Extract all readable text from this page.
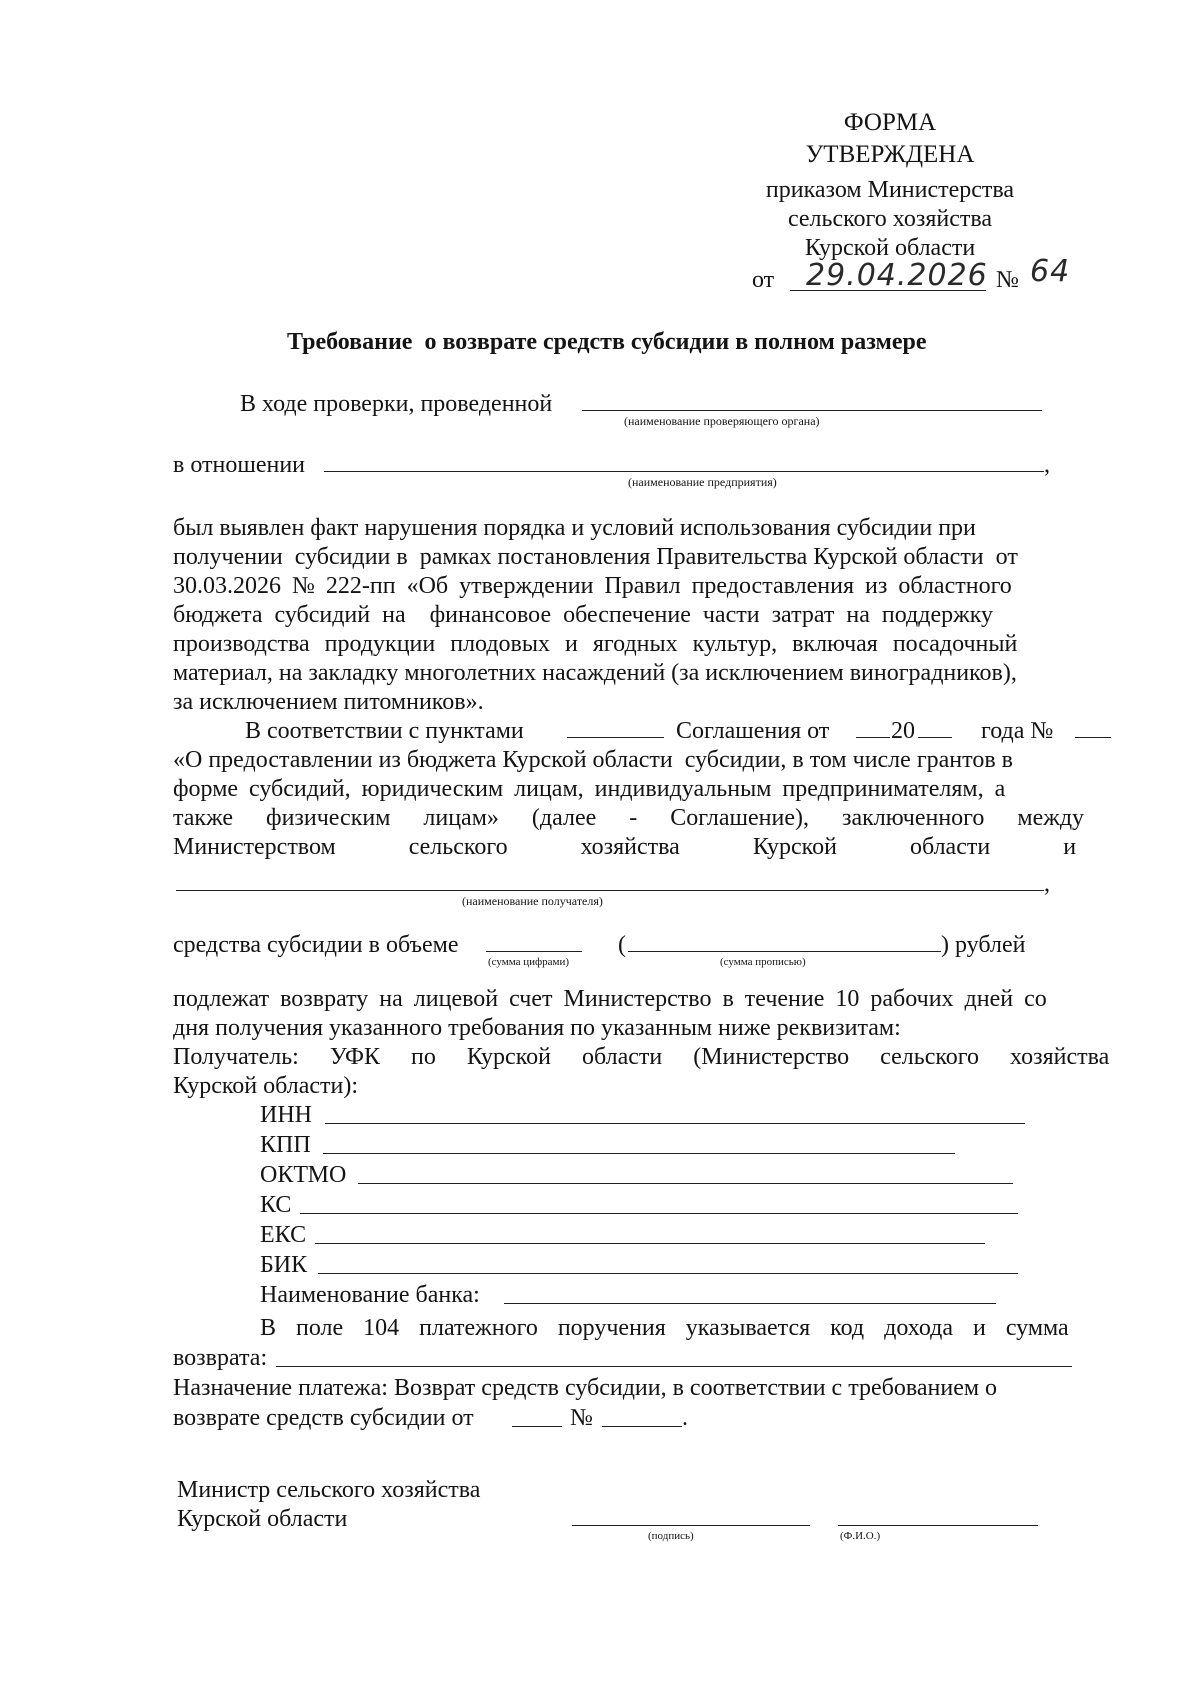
ФОРМА
УТВЕРЖДЕНА
приказом Министерства
сельского хозяйства
Курской области
от 29.04.2026 № 64
Требование  о возврате средств субсидии в полном размере
В ходе проверки, проведенной
(наименование проверяющего органа)
в отношении	,
(наименование предприятия)
был выявлен факт нарушения порядка и условий использования субсидии при
получении  субсидии в  рамках постановления Правительства Курской области  от
30.03.2026 № 222-пп «Об утверждении Правил предоставления из областного
бюджета субсидий на  финансовое обеспечение части затрат на поддержку
производства продукции плодовых и ягодных культур, включая посадочный
материал, на закладку многолетних насаждений (за исключением виноградников),
за исключением питомников».
В соответствии с пунктами	Соглашения от	20	года №
«О предоставлении из бюджета Курской области  субсидии, в том числе грантов в
форме субсидий, юридическим лицам, индивидуальным предпринимателям, а
также физическим лицам» (далее - Соглашение), заключенного между
Министерством сельского хозяйства Курской области и
,
(наименование получателя)
средства субсидии в объеме
(сумма цифрами)
(
(сумма прописью)
) рублей
подлежат возврату на лицевой счет Министерство в течение 10 рабочих дней со
дня получения указанного требования по указанным ниже реквизитам:
Получатель: УФК по Курской области (Министерство сельского хозяйства
Курской области):
ИНН
КПП
ОКТМО
КС
ЕКС
БИК
Наименование банка:
В поле 104 платежного поручения указывается код дохода и сумма
возврата:
Назначение платежа: Возврат средств субсидии, в соответствии с требованием о
возврате средств субсидии от	№	.
Министр сельского хозяйства
Курской области
(подпись)	(Ф.И.О.)
